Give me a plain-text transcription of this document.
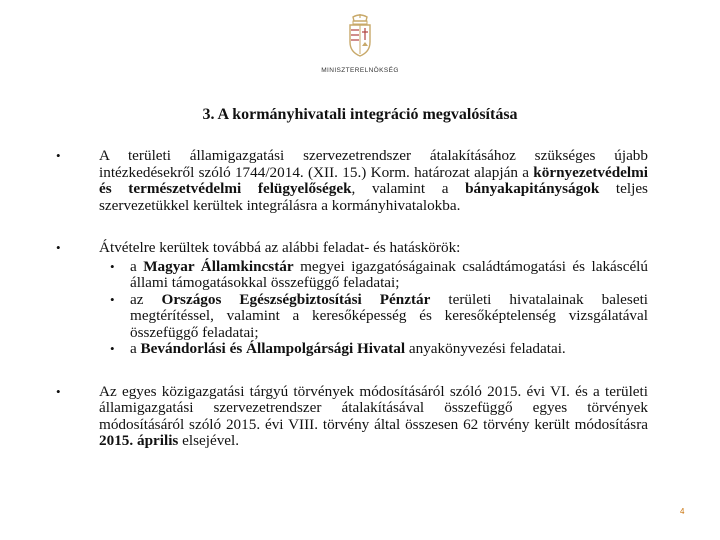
MINISZTERELNÖKSÉG
3. A kormányhivatali integráció megvalósítása
•	A területi államigazgatási szervezetrendszer átalakításához szükséges újabb intézkedésekről szóló 1744/2014. (XII. 15.) Korm. határozat alapján a környezetvédelmi és természetvédelmi felügyelőségek, valamint a bányakapitányságok teljes szervezetükkel kerültek integrálásra a kormányhivatalokba.
•	Átvételre kerültek továbbá az alábbi feladat- és hatáskörök:
• a Magyar Államkincstár megyei igazgatóságainak családtámogatási és lakáscélú állami támogatásokkal összefüggő feladatai;
• az Országos Egészségbiztosítási Pénztár területi hivatalainak baleseti megtérítéssel, valamint a keresőképesség és keresőképtelenség vizsgálatával összefüggő feladatai;
• a Bevándorlási és Állampolgársági Hivatal anyakönyvezési feladatai.
•	Az egyes közigazgatási tárgyú törvények módosításáról szóló 2015. évi VI. és a területi államigazgatási szervezetrendszer átalakításával összefüggő egyes törvények módosításáról szóló 2015. évi VIII. törvény által összesen 62 törvény került módosításra 2015. április elsejével.
4
